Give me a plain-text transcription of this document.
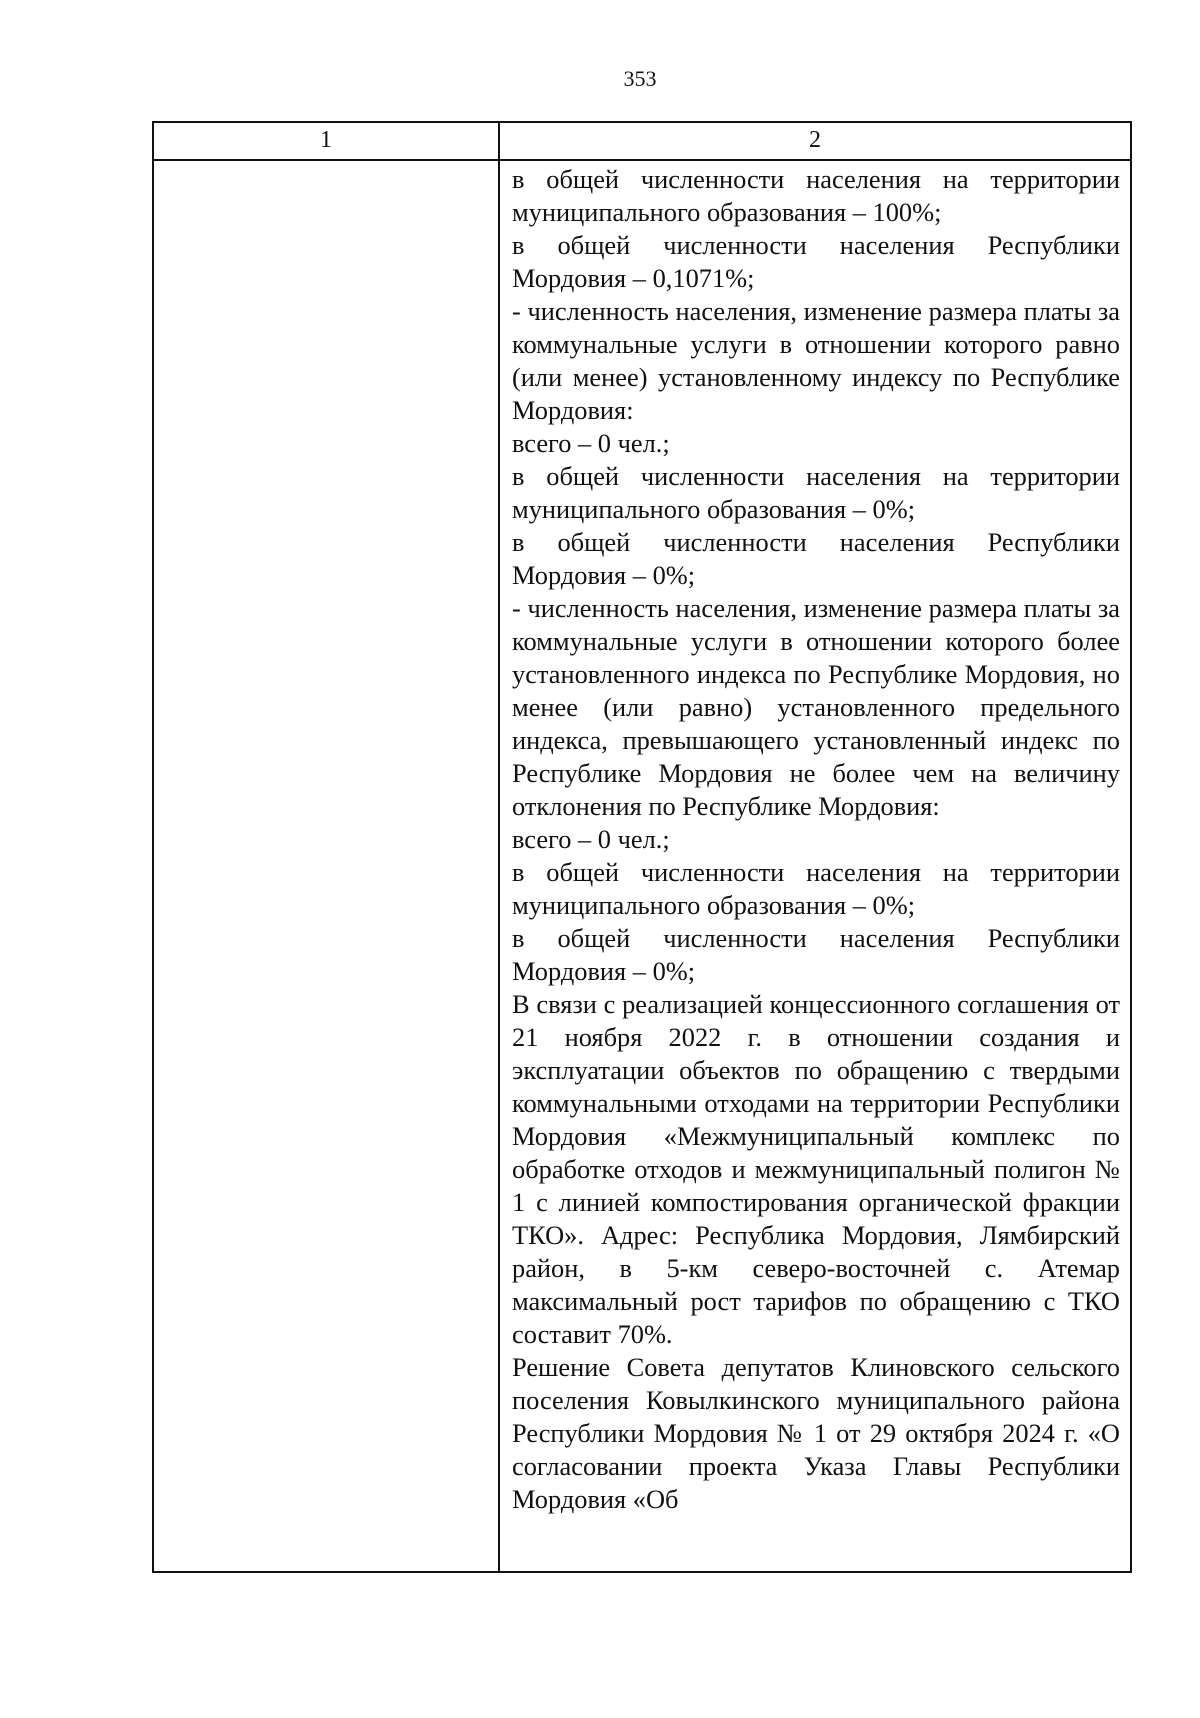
353
1	2

в общей численности населения на территории муниципального образования – 100%;

в общей численности населения Республики Мордовия – 0,1071%;

- численность населения, изменение размера платы за коммунальные услуги в отношении которого равно (или менее) установленному индексу по Республике Мордовия:

всего – 0 чел.;

в общей численности населения на территории муниципального образования – 0%;

в общей численности населения Республики Мордовия – 0%;

- численность населения, изменение размера платы за коммунальные услуги в отношении которого более установленного индекса по Республике Мордовия, но менее (или равно) установленного предельного индекса, превышающего установленный индекс по Республике Мордовия не более чем на величину отклонения по Республике Мордовия:

всего – 0 чел.;

в общей численности населения на территории муниципального образования – 0%;

в общей численности населения Республики Мордовия – 0%;

В связи с реализацией концессионного соглашения от 21 ноября 2022 г. в отношении создания и эксплуатации объектов по обращению с твердыми коммунальными отходами на территории Республики Мордовия «Межмуниципальный комплекс по обработке отходов и межмуниципальный полигон № 1 с линией компостирования органической фракции ТКО». Адрес: Республика Мордовия, Лямбирский район, в 5-км северо-восточней с. Атемар максимальный рост тарифов по обращению с ТКО составит 70%.

Решение Совета депутатов Клиновского сельского поселения Ковылкинского муниципального района Республики Мордовия № 1 от 29 октября 2024 г. «О согласовании проекта Указа Главы Республики Мордовия «Об
